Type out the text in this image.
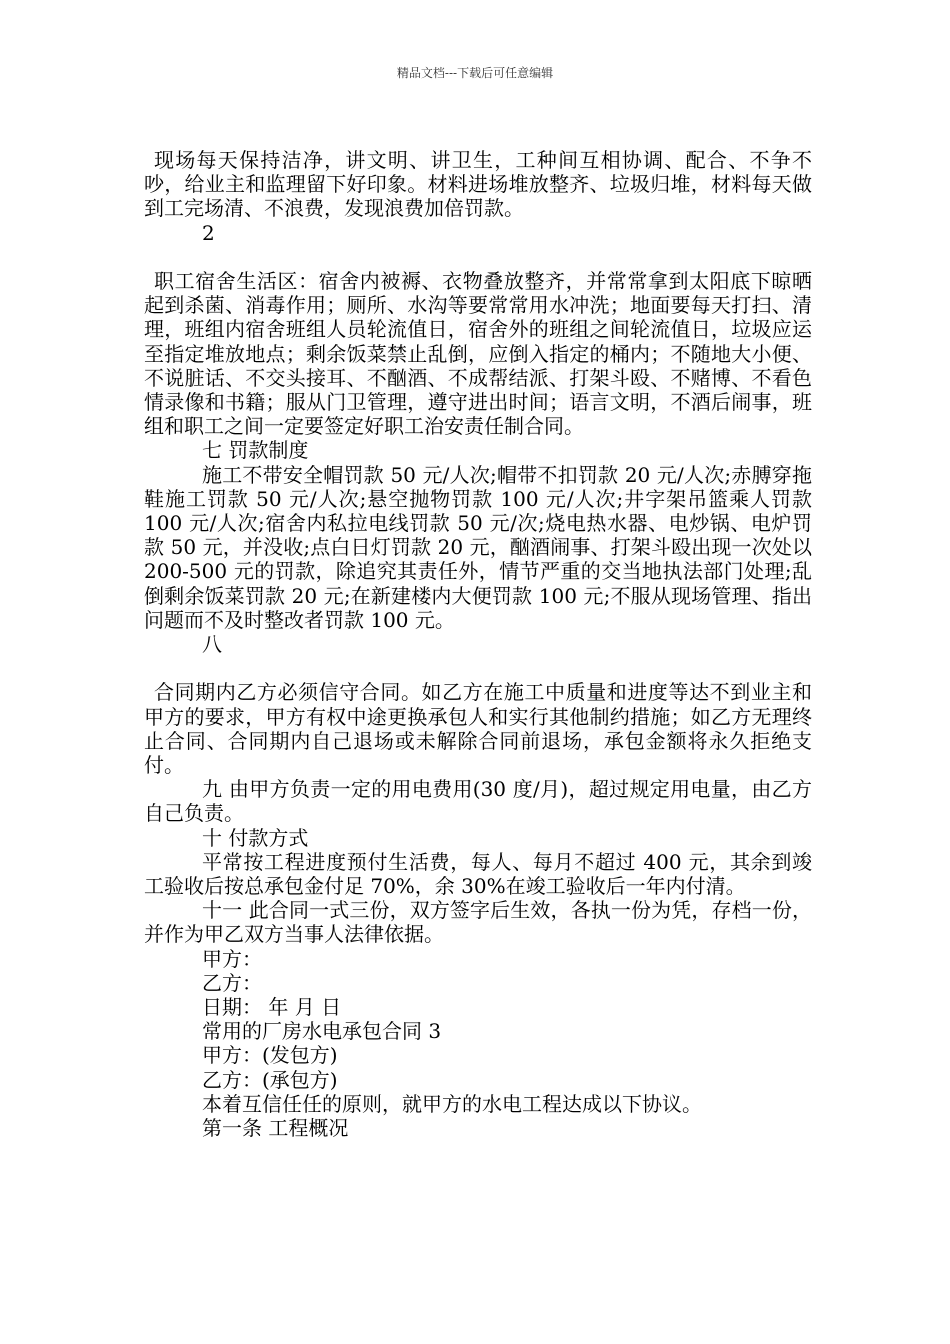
精品文档---下载后可任意编辑

现场每天保持洁净，讲文明、讲卫生，工种间互相协调、配合、不争不吵，给业主和监理留下好印象。材料进场堆放整齐、垃圾归堆，材料每天做到工完场清、不浪费，发现浪费加倍罚款。

2

职工宿舍生活区：宿舍内被褥、衣物叠放整齐，并常常拿到太阳底下晾晒起到杀菌、消毒作用；厕所、水沟等要常常用水冲洗；地面要每天打扫、清理，班组内宿舍班组人员轮流值日，宿舍外的班组之间轮流值日，垃圾应运至指定堆放地点；剩余饭菜禁止乱倒，应倒入指定的桶内；不随地大小便、不说脏话、不交头接耳、不酗酒、不成帮结派、打架斗殴、不赌博、不看色情录像和书籍；服从门卫管理，遵守进出时间；语言文明，不酒后闹事，班组和职工之间一定要签定好职工治安责任制合同。

七 罚款制度

施工不带安全帽罚款 50 元/人次;帽带不扣罚款 20 元/人次;赤膊穿拖鞋施工罚款 50 元/人次;悬空抛物罚款 100 元/人次;井字架吊篮乘人罚款 100 元/人次;宿舍内私拉电线罚款 50 元/次;烧电热水器、电炒锅、电炉罚款 50 元，并没收;点白日灯罚款 20 元，酗酒闹事、打架斗殴出现一次处以 200-500 元的罚款，除追究其责任外，情节严重的交当地执法部门处理;乱倒剩余饭菜罚款 20 元;在新建楼内大便罚款 100 元;不服从现场管理、指出问题而不及时整改者罚款 100 元。

八

合同期内乙方必须信守合同。如乙方在施工中质量和进度等达不到业主和甲方的要求，甲方有权中途更换承包人和实行其他制约措施；如乙方无理终止合同、合同期内自己退场或未解除合同前退场，承包金额将永久拒绝支付。

九 由甲方负责一定的用电费用(30 度/月)，超过规定用电量，由乙方自己负责。

十 付款方式

平常按工程进度预付生活费，每人、每月不超过 400 元，其余到竣工验收后按总承包金付足 70%，余 30%在竣工验收后一年内付清。

十一 此合同一式三份，双方签字后生效，各执一份为凭，存档一份，并作为甲乙双方当事人法律依据。

甲方：

乙方：

日期： 年 月 日

常用的厂房水电承包合同 3

甲方：(发包方)

乙方：(承包方)

本着互信任任的原则，就甲方的水电工程达成以下协议。

第一条 工程概况
